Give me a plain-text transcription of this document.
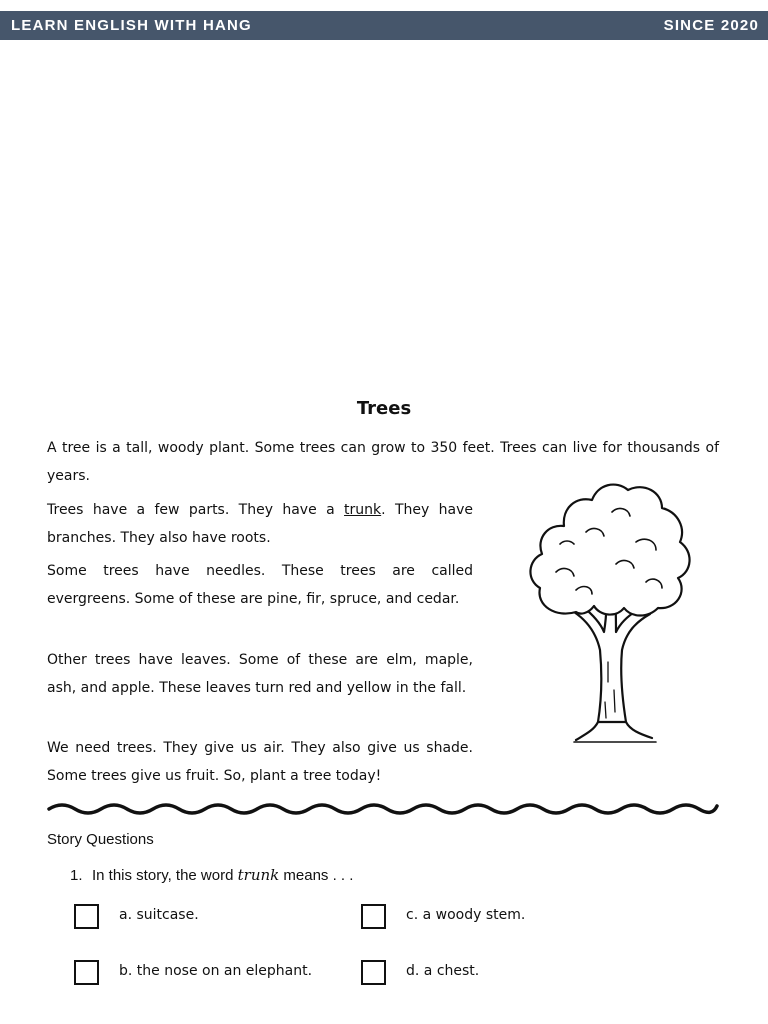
LEARN ENGLISH WITH HANG	SINCE 2020
Trees

A tree is a tall, woody plant. Some trees can grow to 350 feet. Trees can live for thousands of years.

Trees have a few parts. They have a trunk. They have branches. They also have roots.

Some trees have needles. These trees are called evergreens. Some of these are pine, fir, spruce, and cedar.

Other trees have leaves. Some of these are elm, maple, ash, and apple. These leaves turn red and yellow in the fall.

We need trees. They give us air. They also give us shade. Some trees give us fruit. So, plant a tree today!

Story Questions
1. In this story, the word trunk means . . .
a. suitcase.	c. a woody stem.
b. the nose on an elephant.	d. a chest.
